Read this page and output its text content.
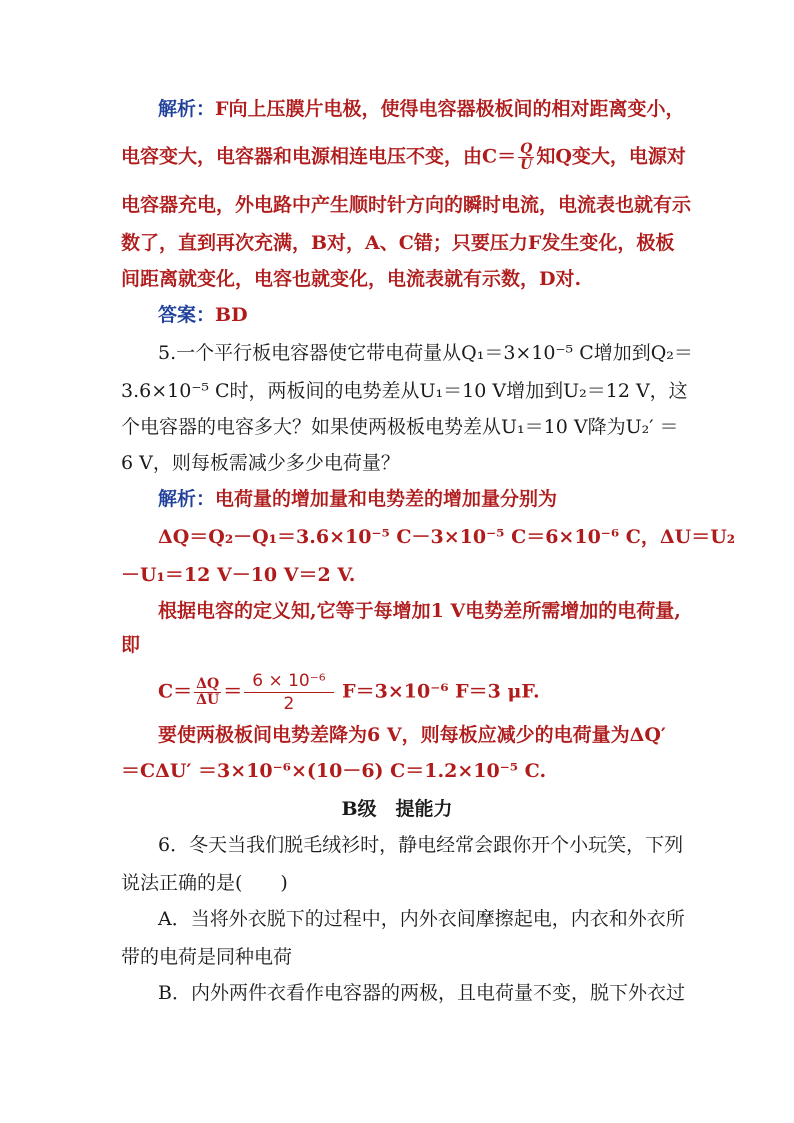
解析：F向上压膜片电极，使得电容器极板间的相对距离变小，
电容变大，电容器和电源相连电压不变，由$C= \frac{Q}{U}$ 知Q变大，电源对
电容器充电，外电路中产生顺时针方向的瞬时电流，电流表也就有示
数了，直到再次充满，B对，A、C错；只要压力F发生变化，极板
间距离就变化，电容也就变化，电流表就有示数，D对.
答案：BD
5.一个平行板电容器使它带电荷量从Q₁＝3×10⁻⁵ C增加到Q₂＝
3.6×10⁻⁵ C时，两板间的电势差从U₁＝10 V增加到U₂＝12 V，这
个电容器的电容多大？如果使两极板电势差从U₁＝10 V降为U₂′ ＝
6 V，则每板需减少多少电荷量？
解析：电荷量的增加量和电势差的增加量分别为
ΔQ＝Q₂－Q₁＝3.6×10⁻⁵ C－3×10⁻⁵ C＝6×10⁻⁶ C，ΔU＝U₂
－U₁＝12 V－10 V＝2 V.
根据电容的定义知,它等于每增加1 V电势差所需增加的电荷量,
即
$C= \frac{\Delta Q}{\Delta U} = \frac{\text{6 × 10⁻⁶}}{2} F=3\times 10^{-6}$ F＝3 μF.
要使两极板间电势差降为6 V，则每板应减少的电荷量为ΔQ′
＝CΔU′ ＝3×10⁻⁶×(10－6) C＝1.2×10⁻⁵ C.
B级　提能力
6．冬天当我们脱毛绒衫时，静电经常会跟你开个小玩笑，下列
说法正确的是(　　)
A．当将外衣脱下的过程中，内外衣间摩擦起电，内衣和外衣所
带的电荷是同种电荷
B．内外两件衣看作电容器的两极，且电荷量不变，脱下外衣过
